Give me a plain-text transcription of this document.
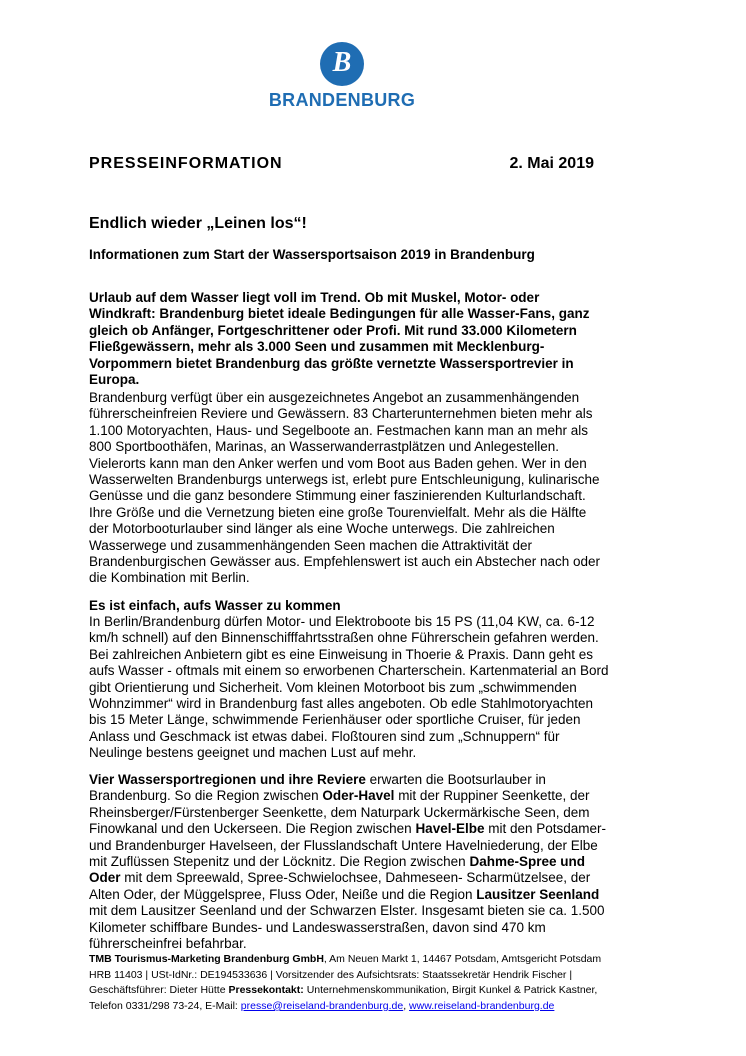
B
BRANDENBURG
PRESSEINFORMATION	2. Mai 2019
Endlich wieder „Leinen los“!
Informationen zum Start der Wassersportsaison 2019 in Brandenburg

Urlaub auf dem Wasser liegt voll im Trend. Ob mit Muskel, Motor- oder Windkraft: Brandenburg bietet ideale Bedingungen für alle Wasser-Fans, ganz gleich ob Anfänger, Fortgeschrittener oder Profi. Mit rund 33.000 Kilometern Fließgewässern, mehr als 3.000 Seen und zusammen mit Mecklenburg-Vorpommern bietet Brandenburg das größte vernetzte Wassersportrevier in Europa.

Brandenburg verfügt über ein ausgezeichnetes Angebot an zusammenhängenden führerscheinfreien Reviere und Gewässern. 83 Charterunternehmen bieten mehr als 1.100 Motoryachten, Haus- und Segelboote an. Festmachen kann man an mehr als 800 Sportboothäfen, Marinas, an Wasserwanderrastplätzen und Anlegestellen. Vielerorts kann man den Anker werfen und vom Boot aus Baden gehen. Wer in den Wasserwelten Brandenburgs unterwegs ist, erlebt pure Entschleunigung, kulinarische Genüsse und die ganz besondere Stimmung einer faszinierenden Kulturlandschaft. Ihre Größe und die Vernetzung bieten eine große Tourenvielfalt. Mehr als die Hälfte der Motorbooturlauber sind länger als eine Woche unterwegs. Die zahlreichen Wasserwege und zusammenhängenden Seen machen die Attraktivität der Brandenburgischen Gewässer aus. Empfehlenswert ist auch ein Abstecher nach oder die Kombination mit Berlin.

Es ist einfach, aufs Wasser zu kommen

In Berlin/Brandenburg dürfen Motor- und Elektroboote bis 15 PS (11,04 KW, ca. 6-12 km/h schnell) auf den Binnenschifffahrtsstraßen ohne Führerschein gefahren werden. Bei zahlreichen Anbietern gibt es eine Einweisung in Thoerie & Praxis. Dann geht es aufs Wasser - oftmals mit einem so erworbenen Charterschein. Kartenmaterial an Bord gibt Orientierung und Sicherheit. Vom kleinen Motorboot bis zum „schwimmenden Wohnzimmer“ wird in Brandenburg fast alles angeboten. Ob edle Stahlmotoryachten bis 15 Meter Länge, schwimmende Ferienhäuser oder sportliche Cruiser, für jeden Anlass und Geschmack ist etwas dabei. Floßtouren sind zum „Schnuppern“ für Neulinge bestens geeignet und machen Lust auf mehr.

Vier Wassersportregionen und ihre Reviere erwarten die Bootsurlauber in Brandenburg. So die Region zwischen Oder-Havel mit der Ruppiner Seenkette, der Rheinsberger/Fürstenberger Seenkette, dem Naturpark Uckermärkische Seen, dem Finowkanal und den Uckerseen. Die Region zwischen Havel-Elbe mit den Potsdamer- und Brandenburger Havelseen, der Flusslandschaft Untere Havelniederung, der Elbe mit Zuflüssen Stepenitz und der Löcknitz. Die Region zwischen Dahme-Spree und Oder mit dem Spreewald, Spree-Schwielochsee, Dahmeseen- Scharmützelsee, der Alten Oder, der Müggelspree, Fluss Oder, Neiße und die Region Lausitzer Seenland mit dem Lausitzer Seenland und der Schwarzen Elster. Insgesamt bieten sie ca. 1.500 Kilometer schiffbare Bundes- und Landeswasserstraßen, davon sind 470 km führerscheinfrei befahrbar.

TMB Tourismus-Marketing Brandenburg GmbH, Am Neuen Markt 1, 14467 Potsdam, Amtsgericht Potsdam HRB 11403 | USt-IdNr.: DE194533636 | Vorsitzender des Aufsichtsrats: Staatssekretär Hendrik Fischer | Geschäftsführer: Dieter Hütte Pressekontakt: Unternehmenskommunikation, Birgit Kunkel & Patrick Kastner, Telefon 0331/298 73-24, E-Mail: presse@reiseland-brandenburg.de, www.reiseland-brandenburg.de
